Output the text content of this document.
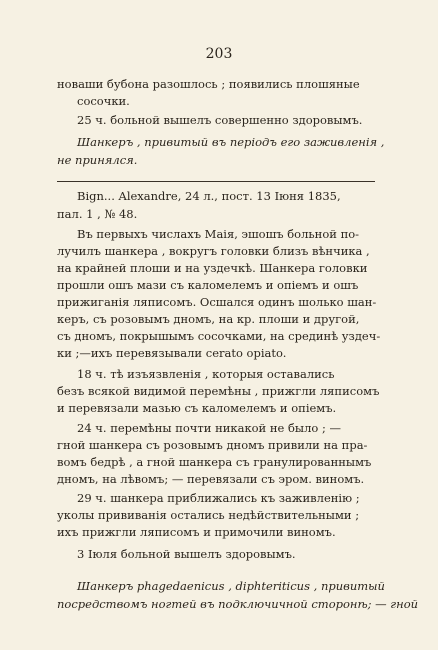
203
новаши бубона разошлось ; появились плошяные
сосочки.
25 ч. больной вышелъ совершенно здоровымъ.
Шанкеръ , привитый въ періодъ его заживленія ,
не принялся.
Bign... Alexandre, 24 л., пост. 13 Іюня 1835,
пал. 1 , № 48.
Въ первыхъ числахъ Маія, эшошъ больной по-
лучилъ шанкера , вокругъ головки близъ вѣнчика ,
на крайней плоши и на уздечкѣ. Шанкера головки
прошли ошъ мази съ каломелемъ и опіемъ и ошъ
прижиганія ляписомъ. Осшался одинъ шолько шан-
керъ, съ розовымъ дномъ, на кр. плоши и другой,
съ дномъ, покрышымъ сосочками, на срединѣ уздеч-
ки ;—ихъ перевязывали cerato opiato.
18 ч. тѣ изъязвленія , которыя оставались
безъ всякой видимой перемѣны , прижгли ляписомъ
и перевязали мазью съ каломелемъ и опіемъ.
24 ч. перемѣны почти никакой не было ; —
гной шанкера съ розовымъ дномъ привили на пра-
вомъ бедрѣ , а гной шанкера съ гранулированнымъ
дномъ, на лѣвомъ; — перевязали съ эром. виномъ.
29 ч. шанкера приближались къ заживленію ;
уколы прививанія осталиcь недѣйствительными ;
ихъ прижгли ляписомъ и примочили виномъ.
3 Іюля больной вышелъ здоровымъ.
Шанкеръ phagedaenicus , diphteriticus , привитый
посредствомъ ногтей въ подключичной сторонѣ; — гной
